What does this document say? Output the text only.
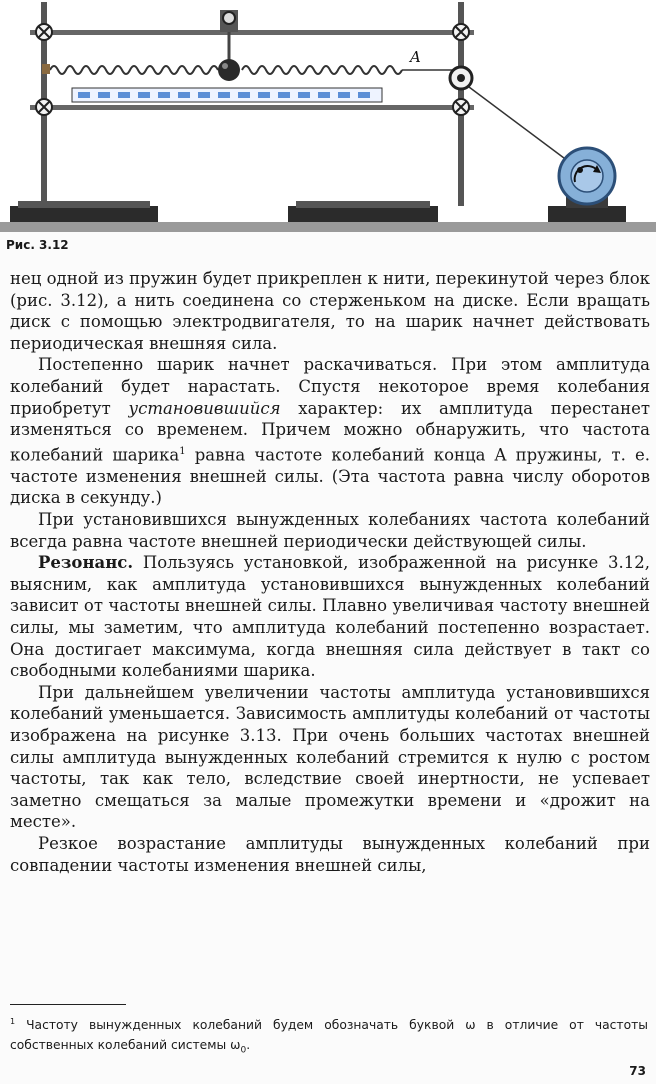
A
Рис. 3.12

нец одной из пружин будет прикреплен к нити, перекинутой через блок (рис. 3.12), а нить соединена со стерженьком на диске. Если вращать диск с помощью электродвигателя, то на шарик начнет действовать периодическая внешняя сила.

Постепенно шарик начнет раскачиваться. При этом амплитуда колебаний будет нарастать. Спустя некоторое время колебания приобретут установившийся характер: их амплитуда перестанет изменяться со временем. Причем можно обнаружить, что частота колебаний шарика$^1$ равна частоте колебаний конца A пружины, т. е. частоте изменения внешней силы. (Эта частота равна числу оборотов диска в секунду.)

При установившихся вынужденных колебаниях частота колебаний всегда равна частоте внешней периодически действующей силы.

Резонанс. Пользуясь установкой, изображенной на рисунке 3.12, выясним, как амплитуда установившихся вынужденных колебаний зависит от частоты внешней силы. Плавно увеличивая частоту внешней силы, мы заметим, что амплитуда колебаний постепенно возрастает. Она достигает максимума, когда внешняя сила действует в такт со свободными колебаниями шарика.

При дальнейшем увеличении частоты амплитуда установившихся колебаний уменьшается. Зависимость амплитуды колебаний от частоты изображена на рисунке 3.13. При очень больших частотах внешней силы амплитуда вынужденных колебаний стремится к нулю с ростом частоты, так как тело, вследствие своей инертности, не успевает заметно смещаться за малые промежутки времени и «дрожит на месте».

Резкое возрастание амплитуды вынужденных колебаний при совпадении частоты изменения внешней силы,

$^1$ Частоту вынужденных колебаний будем обозначать буквой ω в отличие от частоты собственных колебаний системы $\omega_0$.
73
